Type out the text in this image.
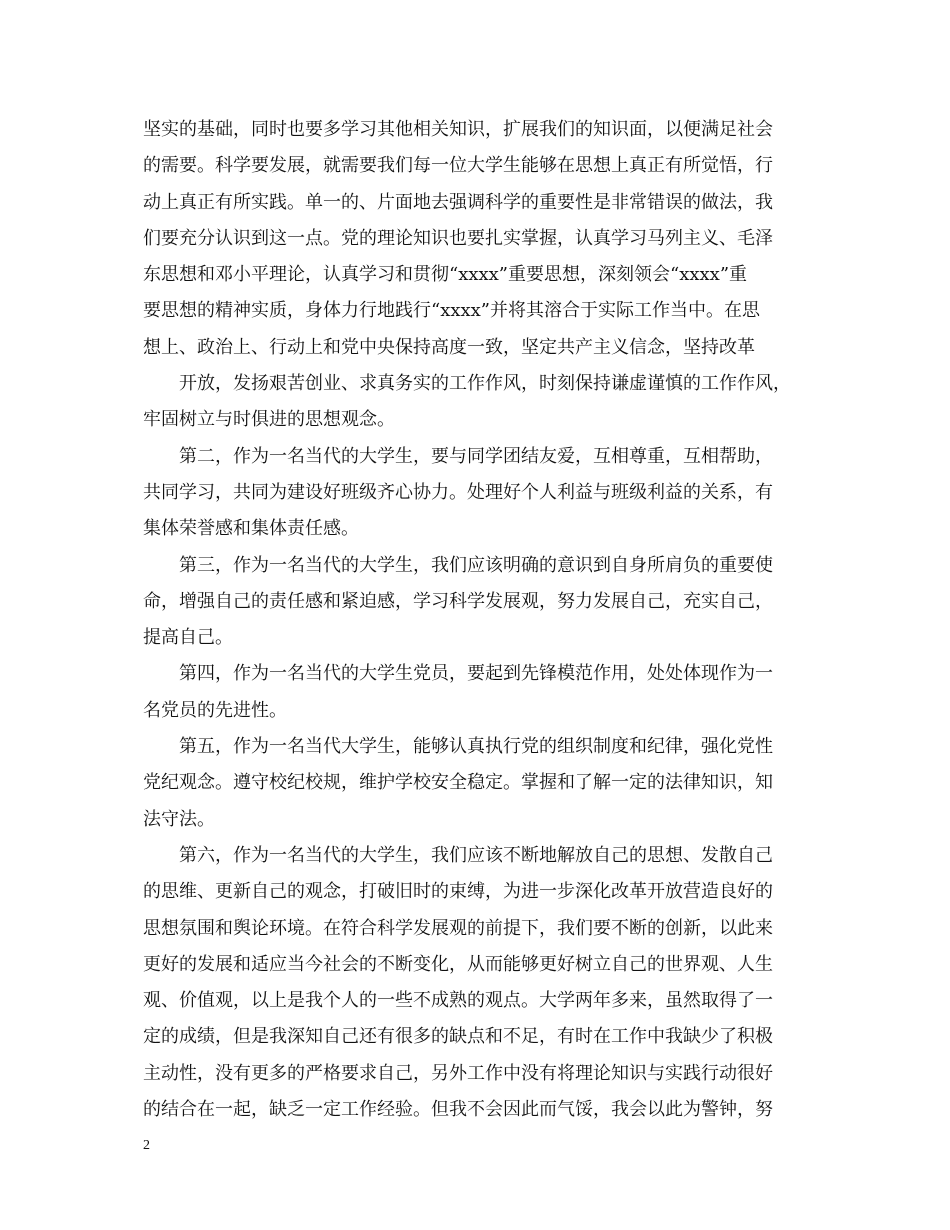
坚实的基础，同时也要多学习其他相关知识，扩展我们的知识面，以便满足社会
的需要。科学要发展，就需要我们每一位大学生能够在思想上真正有所觉悟，行
动上真正有所实践。单一的、片面地去强调科学的重要性是非常错误的做法，我
们要充分认识到这一点。党的理论知识也要扎实掌握，认真学习马列主义、毛泽
东思想和邓小平理论，认真学习和贯彻“xxxx”重要思想，深刻领会“xxxx”重
要思想的精神实质，身体力行地践行“xxxx”并将其溶合于实际工作当中。在思
想上、政治上、行动上和党中央保持高度一致，坚定共产主义信念，坚持改革

　　开放，发扬艰苦创业、求真务实的工作作风，时刻保持谦虚谨慎的工作作风，
牢固树立与时俱进的思想观念。

　　第二，作为一名当代的大学生，要与同学团结友爱，互相尊重，互相帮助，
共同学习，共同为建设好班级齐心协力。处理好个人利益与班级利益的关系，有
集体荣誉感和集体责任感。

　　第三，作为一名当代的大学生，我们应该明确的意识到自身所肩负的重要使
命，增强自己的责任感和紧迫感，学习科学发展观，努力发展自己，充实自己，
提高自己。

　　第四，作为一名当代的大学生党员，要起到先锋模范作用，处处体现作为一
名党员的先进性。

　　第五，作为一名当代大学生，能够认真执行党的组织制度和纪律，强化党性
党纪观念。遵守校纪校规，维护学校安全稳定。掌握和了解一定的法律知识，知
法守法。

　　第六，作为一名当代的大学生，我们应该不断地解放自己的思想、发散自己
的思维、更新自己的观念，打破旧时的束缚，为进一步深化改革开放营造良好的
思想氛围和舆论环境。在符合科学发展观的前提下，我们要不断的创新，以此来
更好的发展和适应当今社会的不断变化，从而能够更好树立自己的世界观、人生
观、价值观，以上是我个人的一些不成熟的观点。大学两年多来，虽然取得了一
定的成绩，但是我深知自己还有很多的缺点和不足，有时在工作中我缺少了积极
主动性，没有更多的严格要求自己，另外工作中没有将理论知识与实践行动很好
的结合在一起，缺乏一定工作经验。但我不会因此而气馁，我会以此为警钟，努

2
